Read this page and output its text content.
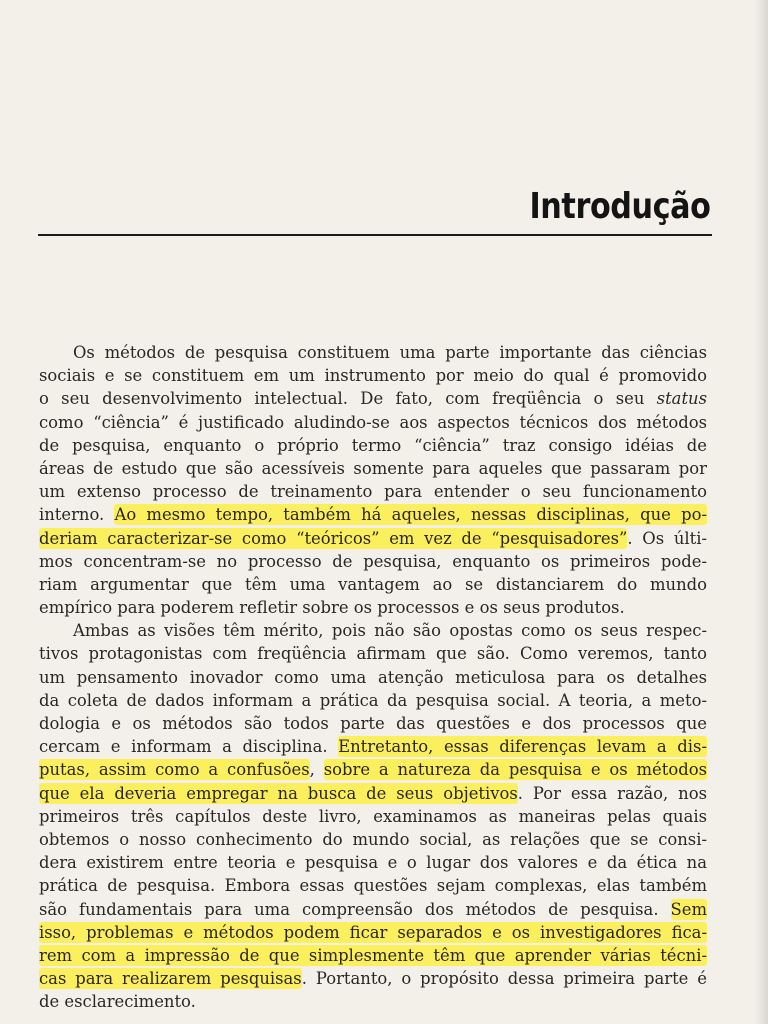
Introdução
Os métodos de pesquisa constituem uma parte importante das ciências
sociais e se constituem em um instrumento por meio do qual é promovido
o seu desenvolvimento intelectual. De fato, com freqüência o seu status
como “ciência” é justificado aludindo-se aos aspectos técnicos dos métodos
de pesquisa, enquanto o próprio termo “ciência” traz consigo idéias de
áreas de estudo que são acessíveis somente para aqueles que passaram por
um extenso processo de treinamento para entender o seu funcionamento
interno. Ao mesmo tempo, também há aqueles, nessas disciplinas, que po-
deriam caracterizar-se como “teóricos” em vez de “pesquisadores”. Os últi-
mos concentram-se no processo de pesquisa, enquanto os primeiros pode-
riam argumentar que têm uma vantagem ao se distanciarem do mundo
empírico para poderem refletir sobre os processos e os seus produtos.
Ambas as visões têm mérito, pois não são opostas como os seus respec-
tivos protagonistas com freqüência afirmam que são. Como veremos, tanto
um pensamento inovador como uma atenção meticulosa para os detalhes
da coleta de dados informam a prática da pesquisa social. A teoria, a meto-
dologia e os métodos são todos parte das questões e dos processos que
cercam e informam a disciplina. Entretanto, essas diferenças levam a dis-
putas, assim como a confusões, sobre a natureza da pesquisa e os métodos
que ela deveria empregar na busca de seus objetivos. Por essa razão, nos
primeiros três capítulos deste livro, examinamos as maneiras pelas quais
obtemos o nosso conhecimento do mundo social, as relações que se consi-
dera existirem entre teoria e pesquisa e o lugar dos valores e da ética na
prática de pesquisa. Embora essas questões sejam complexas, elas também
são fundamentais para uma compreensão dos métodos de pesquisa. Sem
isso, problemas e métodos podem ficar separados e os investigadores fica-
rem com a impressão de que simplesmente têm que aprender várias técni-
cas para realizarem pesquisas. Portanto, o propósito dessa primeira parte é
de esclarecimento.
